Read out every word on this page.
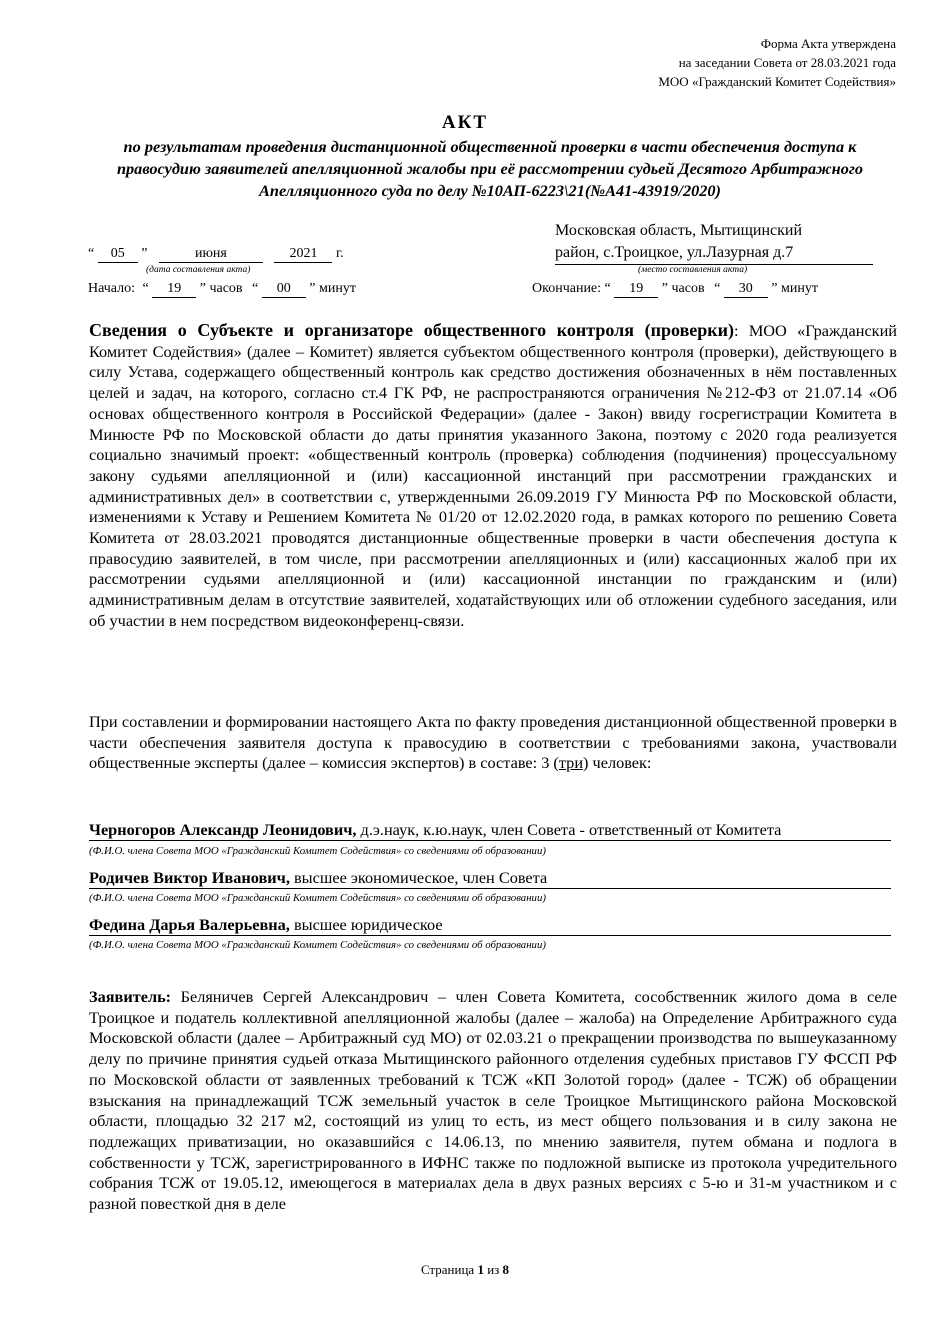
Форма Акта утверждена
на заседании Совета от 28.03.2021 года
МОО «Гражданский Комитет Содействия»
АКТ
по результатам проведения дистанционной общественной проверки в части обеспечения доступа к правосудию заявителей апелляционной жалобы при её рассмотрении судьей Десятого Арбитражного Апелляционного суда по делу №10АП-6223\21(№А41-43919/2020)
“ 05 ”	июня	2021 г.
(дата составления акта)
Московская область, Мытищинский
район, с.Троицкое, ул.Лазурная д.7
(место составления акта)
Начало: “ 19 ” часов “ 00 ” минут	Окончание: “ 19 ” часов “ 30 ” минут

Сведения о Субъекте и организаторе общественного контроля (проверки): МОО «Гражданский Комитет Содействия» (далее – Комитет) является субъектом общественного контроля (проверки), действующего в силу Устава, содержащего общественный контроль как средство достижения обозначенных в нём поставленных целей и задач, на которого, согласно ст.4 ГК РФ, не распространяются ограничения №212-ФЗ от 21.07.14 «Об основах общественного контроля в Российской Федерации» (далее - Закон) ввиду госрегистрации Комитета в Минюсте РФ по Московской области до даты принятия указанного Закона, поэтому с 2020 года реализуется социально значимый проект: «общественный контроль (проверка) соблюдения (подчинения) процессуальному закону судьями апелляционной и (или) кассационной инстанций при рассмотрении гражданских и административных дел» в соответствии с, утвержденными 26.09.2019 ГУ Минюста РФ по Московской области, изменениями к Уставу и Решением Комитета № 01/20 от 12.02.2020 года, в рамках которого по решению Совета Комитета от 28.03.2021 проводятся дистанционные общественные проверки в части обеспечения доступа к правосудию заявителей, в том числе, при рассмотрении апелляционных и (или) кассационных жалоб при их рассмотрении судьями апелляционной и (или) кассационной инстанции по гражданским и (или) административным делам в отсутствие заявителей, ходатайствующих или об отложении судебного заседания, или об участии в нем посредством видеоконференц-связи.

При составлении и формировании настоящего Акта по факту проведения дистанционной общественной проверки в части обеспечения заявителя доступа к правосудию в соответствии с требованиями закона, участвовали общественные эксперты (далее – комиссия экспертов) в составе: 3 (три) человек:

Черногоров Александр Леонидович, д.э.наук, к.ю.наук, член Совета - ответственный от Комитета
(Ф.И.О. члена Совета МОО «Гражданский Комитет Содействия» со сведениями об образовании)
Родичев Виктор Иванович, высшее экономическое, член Совета
(Ф.И.О. члена Совета МОО «Гражданский Комитет Содействия» со сведениями об образовании)
Федина Дарья Валерьевна, высшее юридическое
(Ф.И.О. члена Совета МОО «Гражданский Комитет Содействия» со сведениями об образовании)

Заявитель: Беляничев Сергей Александрович – член Совета Комитета, сособственник жилого дома в селе Троицкое и податель коллективной апелляционной жалобы (далее – жалоба) на Определение Арбитражного суда Московской области (далее – Арбитражный суд МО) от 02.03.21 о прекращении производства по вышеуказанному делу по причине принятия судьей отказа Мытищинского районного отделения судебных приставов ГУ ФССП РФ по Московской области от заявленных требований к ТСЖ «КП Золотой город» (далее - ТСЖ) об обращении взыскания на принадлежащий ТСЖ земельный участок в селе Троицкое Мытищинского района Московской области, площадью 32 217 м2, состоящий из улиц то есть, из мест общего пользования и в силу закона не подлежащих приватизации, но оказавшийся с 14.06.13, по мнению заявителя, путем обмана и подлога в собственности у ТСЖ, зарегистрированного в ИФНС также по подложной выписке из протокола учредительного собрания ТСЖ от 19.05.12, имеющегося в материалах дела в двух разных версиях с 5-ю и 31-м участником и с разной повесткой дня в деле

Страница 1 из 8
